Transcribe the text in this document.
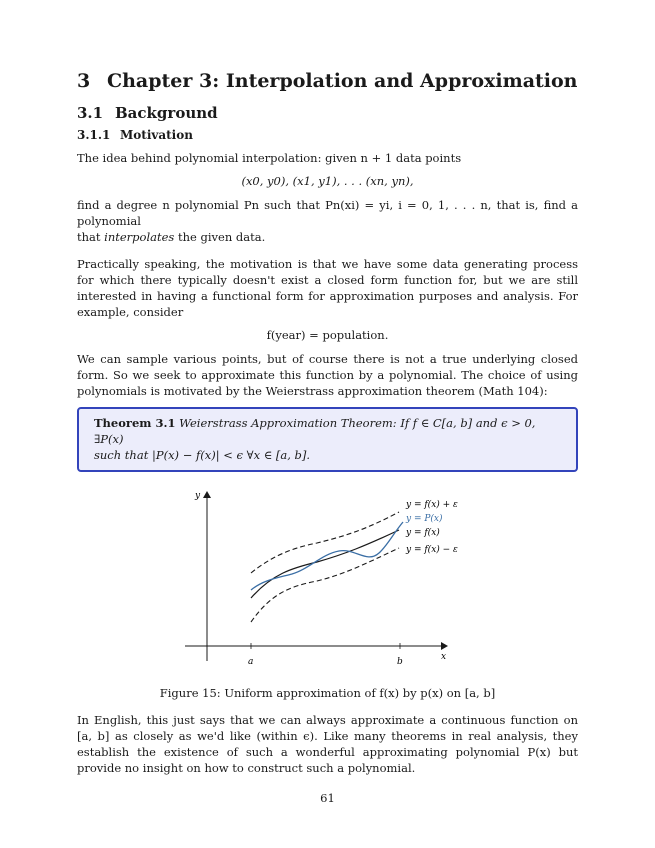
3 Chapter 3: Interpolation and Approximation
3.1 Background
3.1.1 Motivation

The idea behind polynomial interpolation: given n + 1 data points

(x0, y0), (x1, y1), . . . (xn, yn),

find a degree n polynomial Pn such that Pn(xi) = yi, i = 0, 1, . . . n, that is, find a polynomial
that interpolates the given data.

Practically speaking, the motivation is that we have some data generating process for which there typically doesn't exist a closed form function for, but we are still interested in having a functional form for approximation purposes and analysis. For example, consider

f(year) = population.

We can sample various points, but of course there is not a true underlying closed form. So we seek to approximate this function by a polynomial. The choice of using polynomials is motivated by the Weierstrass approximation theorem (Math 104):

Theorem 3.1 Weierstrass Approximation Theorem: If f ∈ C[a, b] and ϵ > 0, ∃P(x)
such that |P(x) − f(x)| < ϵ ∀x ∈ [a, b].

y
x
a	b
y = f(x) + ε
y = P(x)
y = f(x)
y = f(x) − ε
Figure 15: Uniform approximation of f(x) by p(x) on [a, b]

In English, this just says that we can always approximate a continuous function on [a, b] as closely as we'd like (within ϵ). Like many theorems in real analysis, they establish the existence of such a wonderful approximating polynomial P(x) but provide no insight on how to construct such a polynomial.

61
